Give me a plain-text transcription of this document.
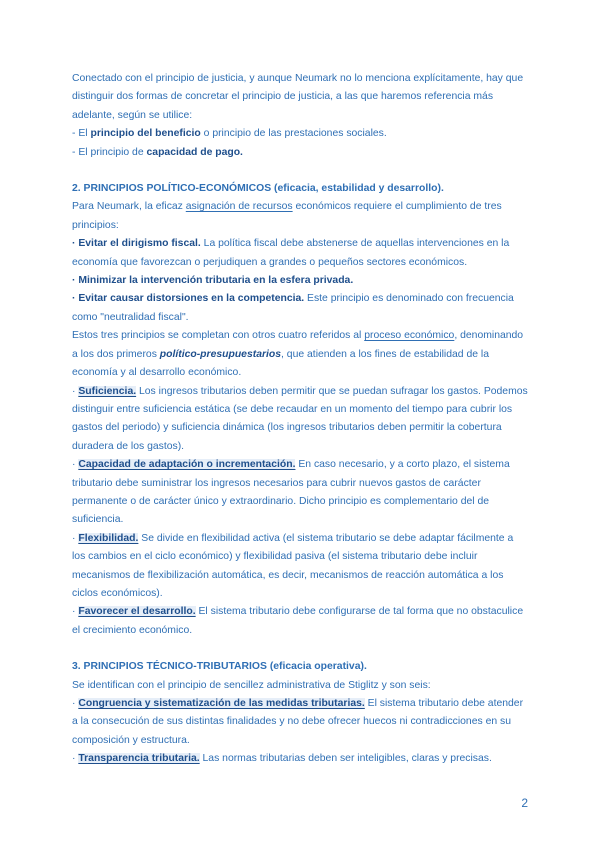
Conectado con el principio de justicia, y aunque Neumark no lo menciona explícitamente, hay que distinguir dos formas de concretar el principio de justicia, a las que haremos referencia más adelante, según se utilice:

- El principio del beneficio o principio de las prestaciones sociales.

- El principio de capacidad de pago.

2. PRINCIPIOS POLÍTICO-ECONÓMICOS (eficacia, estabilidad y desarrollo).

Para Neumark, la eficaz asignación de recursos económicos requiere el cumplimiento de tres principios:

· Evitar el dirigismo fiscal. La política fiscal debe abstenerse de aquellas intervenciones en la economía que favorezcan o perjudiquen a grandes o pequeños sectores económicos.

· Minimizar la intervención tributaria en la esfera privada.

· Evitar causar distorsiones en la competencia. Este principio es denominado con frecuencia como "neutralidad fiscal".

Estos tres principios se completan con otros cuatro referidos al proceso económico, denominando a los dos primeros político-presupuestarios, que atienden a los fines de estabilidad de la economía y al desarrollo económico.

· Suficiencia. Los ingresos tributarios deben permitir que se puedan sufragar los gastos. Podemos distinguir entre suficiencia estática (se debe recaudar en un momento del tiempo para cubrir los gastos del periodo) y suficiencia dinámica (los ingresos tributarios deben permitir la cobertura duradera de los gastos).

· Capacidad de adaptación o incrementación. En caso necesario, y a corto plazo, el sistema tributario debe suministrar los ingresos necesarios para cubrir nuevos gastos de carácter permanente o de carácter único y extraordinario. Dicho principio es complementario del de suficiencia.

· Flexibilidad. Se divide en flexibilidad activa (el sistema tributario se debe adaptar fácilmente a los cambios en el ciclo económico) y flexibilidad pasiva (el sistema tributario debe incluir mecanismos de flexibilización automática, es decir, mecanismos de reacción automática a los ciclos económicos).

· Favorecer el desarrollo. El sistema tributario debe configurarse de tal forma que no obstaculice el crecimiento económico.

3. PRINCIPIOS TÉCNICO-TRIBUTARIOS (eficacia operativa).

Se identifican con el principio de sencillez administrativa de Stiglitz y son seis:

· Congruencia y sistematización de las medidas tributarias. El sistema tributario debe atender a la consecución de sus distintas finalidades y no debe ofrecer huecos ni contradicciones en su composición y estructura.

· Transparencia tributaria. Las normas tributarias deben ser inteligibles, claras y precisas.

2
